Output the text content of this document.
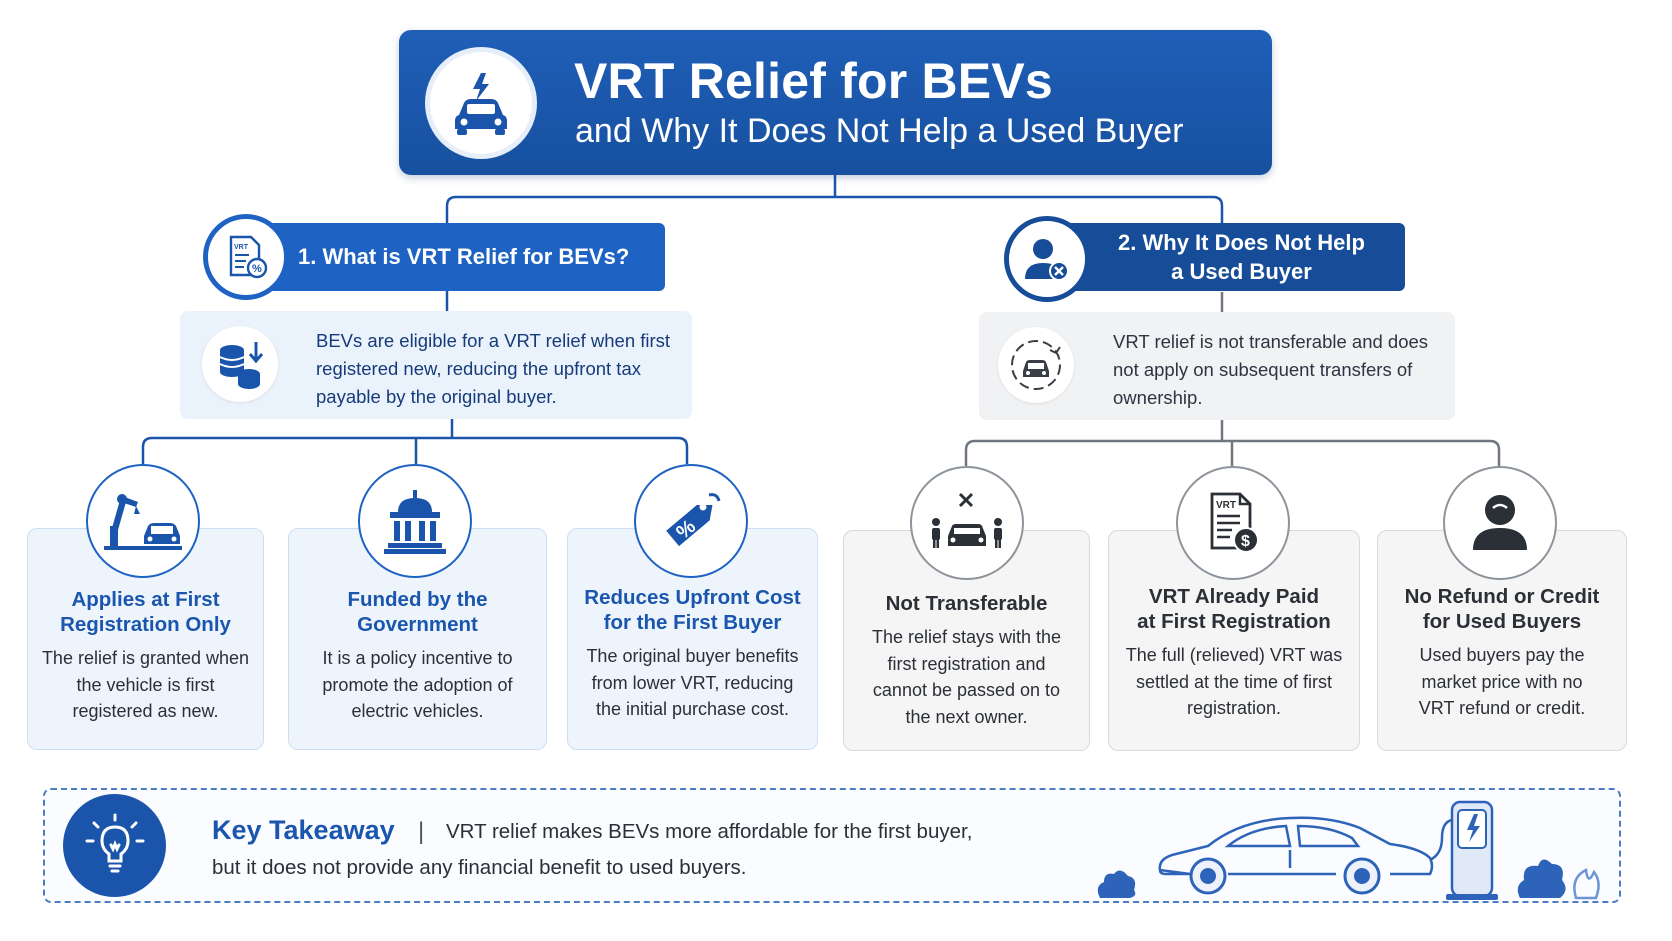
VRT Relief for BEVs
and Why It Does Not Help a Used Buyer
1. What is VRT Relief for BEVs?
VRT
%
2. Why It Does Not Help
a Used Buyer
BEVs are eligible for a VRT relief when first
registered new, reducing the upfront tax
payable by the original buyer.
VRT relief is not transferable and does
not apply on subsequent transfers of
ownership.
Applies at First
Registration Only
The relief is granted when
the vehicle is first
registered as new.
Funded by the
Government
It is a policy incentive to
promote the adoption of
electric vehicles.
Reduces Upfront Cost
for the First Buyer
The original buyer benefits
from lower VRT, reducing
the initial purchase cost.
%
Not Transferable
The relief stays with the
first registration and
cannot be passed on to
the next owner.
VRT Already Paid
at First Registration
The full (relieved) VRT was
settled at the time of first
registration.
VRT
$
No Refund or Credit
for Used Buyers
Used buyers pay the
market price with no
VRT refund or credit.
Key Takeaway | VRT relief makes BEVs more affordable for the first buyer,
but it does not provide any financial benefit to used buyers.
